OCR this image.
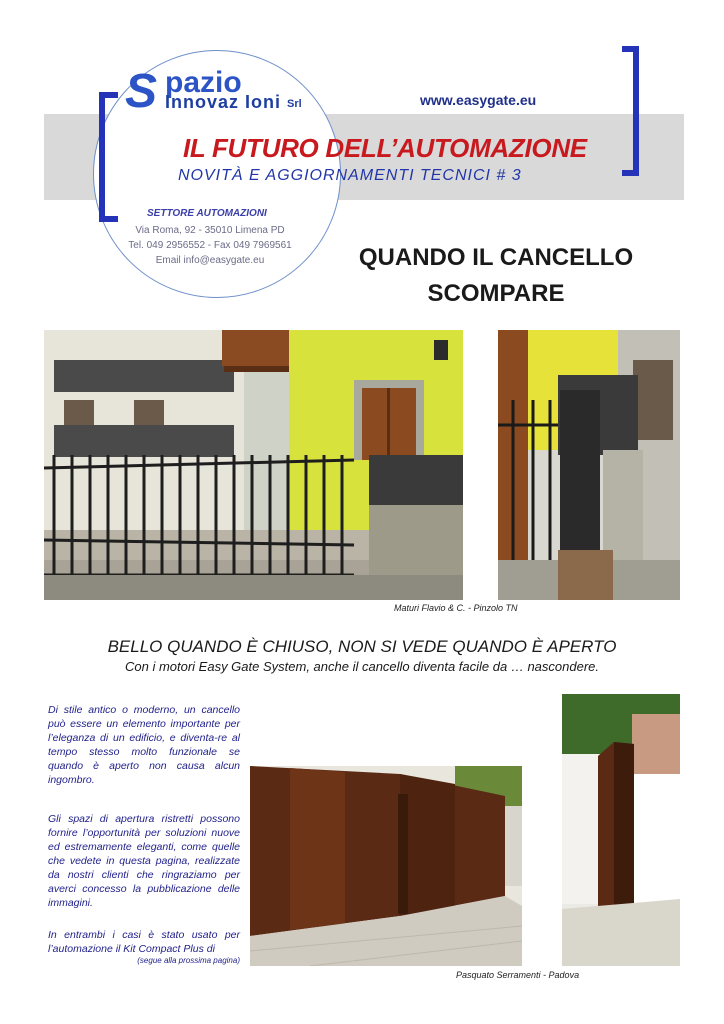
S pazio
Innovaz Ioni Srl	www.easygate.eu
IL FUTURO DELL’AUTOMAZIONE
NOVITÀ E AGGIORNAMENTI TECNICI # 3
SETTORE AUTOMAZIONI
Via Roma, 92 - 35010 Limena PD
Tel. 049 2956552 - Fax 049 7969561
Email info@easygate.eu	QUANDO IL CANCELLO
SCOMPARE
Maturi Flavio & C. - Pinzolo TN
BELLO QUANDO È CHIUSO, NON SI VEDE QUANDO È APERTO
Con i motori Easy Gate System, anche il cancello diventa facile da … nascondere.
Di stile antico o moderno, un cancello può essere un elemento importante per l’eleganza di un edificio, e diventa-re al tempo stesso molto funzionale se quando è aperto non causa alcun ingombro.
Gli spazi di apertura ristretti possono fornire l’opportunità per soluzioni nuove ed estremamente eleganti, come quelle che vedete in questa pagina, realizzate da nostri clienti che ringraziamo per averci concesso la pubblicazione delle immagini.
In entrambi i casi è stato usato per l’automazione il Kit Compact Plus di
(segue alla prossima pagina)
Pasquato Serramenti - Padova
